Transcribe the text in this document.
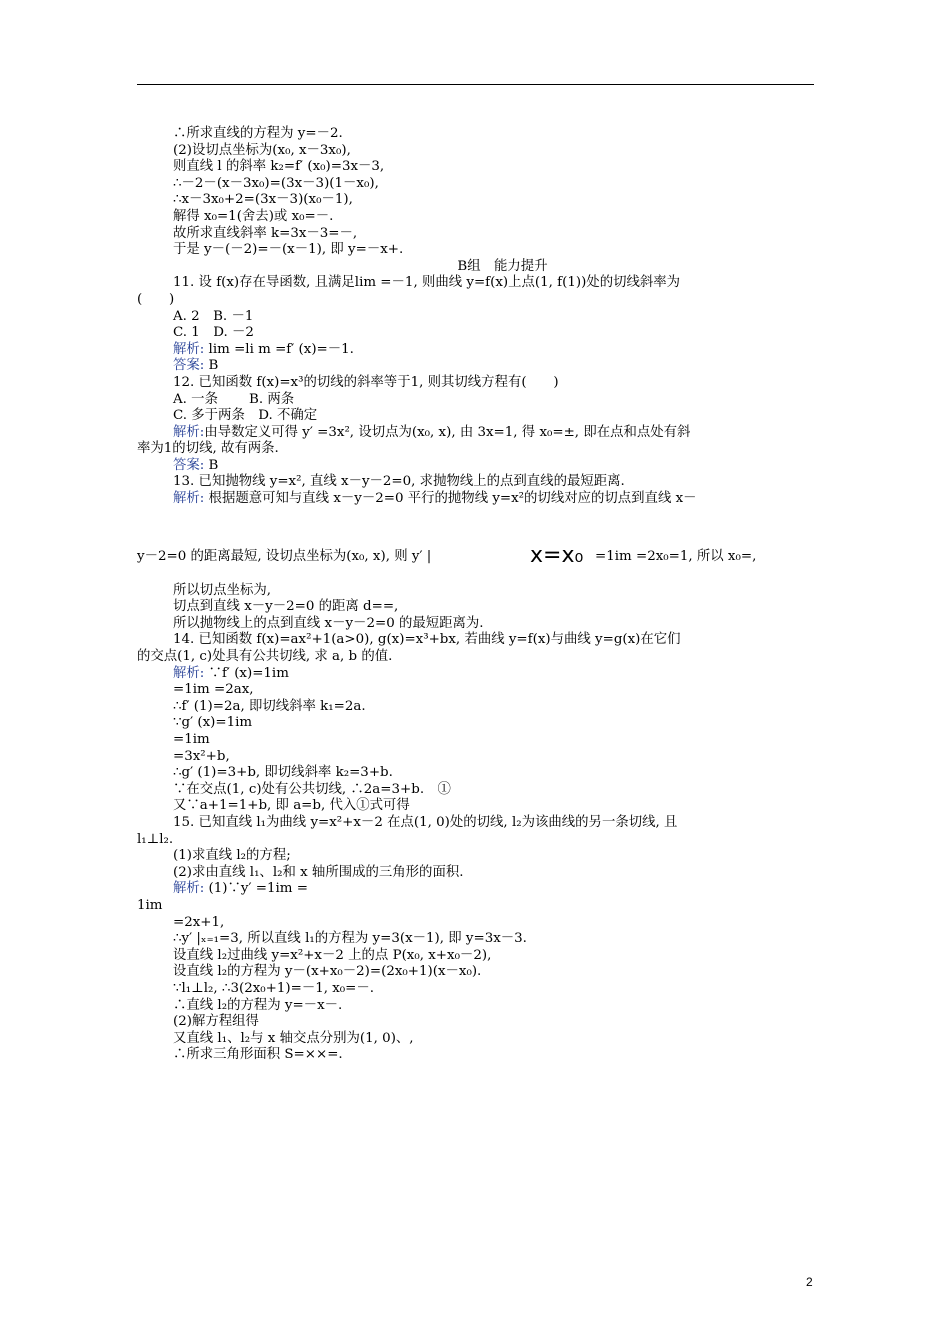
∴所求直线的方程为 y=－2.
(2)设切点坐标为(x₀, x－3x₀),
则直线 l 的斜率 k₂=f′ (x₀)=3x－3,
∴－2－(x－3x₀)=(3x－3)(1－x₀),
∴x－3x₀+2=(3x－3)(x₀－1),
解得 x₀=1(舍去)或 x₀=－.
故所求直线斜率 k=3x－3=－,
于是 y－(－2)=－(x－1), 即 y=－x+.
B组　能力提升
11. 设 f(x)存在导函数, 且满足lim =－1, 则曲线 y=f(x)上点(1, f(1))处的切线斜率为
(　　)
A. 2　B. －1
C. 1　D. －2
解析: lim =li m =f′ (x)=－1.
答案: B
12. 已知函数 f(x)=x³的切线的斜率等于1, 则其切线方程有(　　)
A. 一条　　 B. 两条
C. 多于两条　D. 不确定
解析:由导数定义可得 y′ =3x², 设切点为(x₀, x), 由 3x=1, 得 x₀=±, 即在点和点处有斜
率为1的切线, 故有两条.
答案: B
13. 已知抛物线 y=x², 直线 x－y－2=0, 求抛物线上的点到直线的最短距离.
解析: 根据题意可知与直线 x－y－2=0 平行的抛物线 y=x²的切线对应的切点到直线 x－
y－2=0 的距离最短, 设切点坐标为(x₀, x), 则 y′ |	x=x₀ =1im =2x₀=1, 所以 x₀=,
所以切点坐标为,
切点到直线 x－y－2=0 的距离 d==,
所以抛物线上的点到直线 x－y－2=0 的最短距离为.
14. 已知函数 f(x)=ax²+1(a>0), g(x)=x³+bx, 若曲线 y=f(x)与曲线 y=g(x)在它们
的交点(1, c)处具有公共切线, 求 a, b 的值.
解析: ∵f′ (x)=1im
=1im =2ax,
∴f′ (1)=2a, 即切线斜率 k₁=2a.
∵g′ (x)=1im
=1im
=3x²+b,
∴g′ (1)=3+b, 即切线斜率 k₂=3+b.
∵在交点(1, c)处有公共切线, ∴2a=3+b.　①
又∵a+1=1+b, 即 a=b, 代入①式可得
15. 已知直线 l₁为曲线 y=x²+x－2 在点(1, 0)处的切线, l₂为该曲线的另一条切线, 且
l₁⊥l₂.
(1)求直线 l₂的方程;
(2)求由直线 l₁、l₂和 x 轴所围成的三角形的面积.
解析: (1)∵y′ =1im =
1im
=2x+1,
∴y′ |ₓ₌₁=3, 所以直线 l₁的方程为 y=3(x－1), 即 y=3x－3.
设直线 l₂过曲线 y=x²+x－2 上的点 P(x₀, x+x₀－2),
设直线 l₂的方程为 y－(x+x₀－2)=(2x₀+1)(x－x₀).
∵l₁⊥l₂, ∴3(2x₀+1)=－1, x₀=－.
∴直线 l₂的方程为 y=－x－.
(2)解方程组得
又直线 l₁、l₂与 x 轴交点分别为(1, 0)、,
∴所求三角形面积 S=××=.
2
